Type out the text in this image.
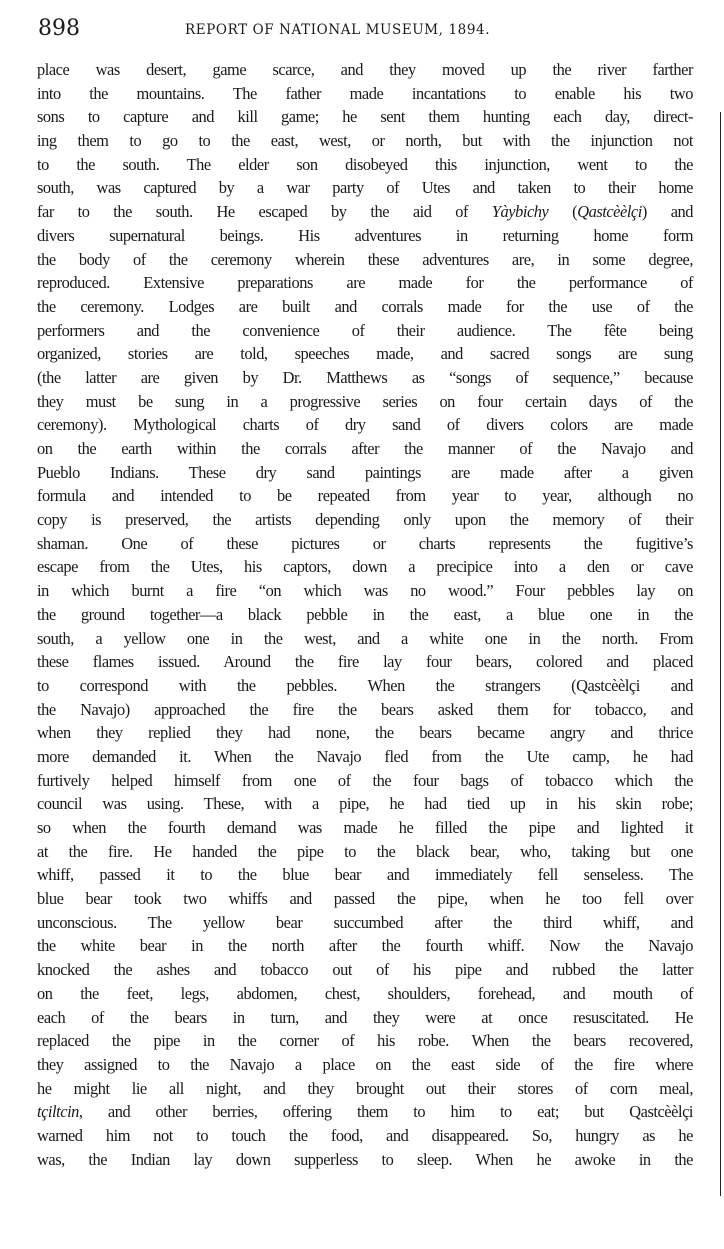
898	REPORT OF NATIONAL MUSEUM, 1894.
place was desert, game scarce, and they moved up the river farther
into the mountains. The father made incantations to enable his two
sons to capture and kill game; he sent them hunting each day, direct-
ing them to go to the east, west, or north, but with the injunction not
to the south. The elder son disobeyed this injunction, went to the
south, was captured by a war party of Utes and taken to their home
far to the south. He escaped by the aid of Yàybichy (Qastcèèlçi) and
divers supernatural beings. His adventures in returning home form
the body of the ceremony wherein these adventures are, in some degree,
reproduced. Extensive preparations are made for the performance of
the ceremony. Lodges are built and corrals made for the use of the
performers and the convenience of their audience. The fête being
organized, stories are told, speeches made, and sacred songs are sung
(the latter are given by Dr. Matthews as “songs of sequence,” because
they must be sung in a progressive series on four certain days of the
ceremony). Mythological charts of dry sand of divers colors are made
on the earth within the corrals after the manner of the Navajo and
Pueblo Indians. These dry sand paintings are made after a given
formula and intended to be repeated from year to year, although no
copy is preserved, the artists depending only upon the memory of their
shaman. One of these pictures or charts represents the fugitive’s
escape from the Utes, his captors, down a precipice into a den or cave
in which burnt a fire “on which was no wood.” Four pebbles lay on
the ground together—a black pebble in the east, a blue one in the
south, a yellow one in the west, and a white one in the north. From
these flames issued. Around the fire lay four bears, colored and placed
to correspond with the pebbles. When the strangers (Qastcèèlçi and
the Navajo) approached the fire the bears asked them for tobacco, and
when they replied they had none, the bears became angry and thrice
more demanded it. When the Navajo fled from the Ute camp, he had
furtively helped himself from one of the four bags of tobacco which the
council was using. These, with a pipe, he had tied up in his skin robe;
so when the fourth demand was made he filled the pipe and lighted it
at the fire. He handed the pipe to the black bear, who, taking but one
whiff, passed it to the blue bear and immediately fell senseless. The
blue bear took two whiffs and passed the pipe, when he too fell over
unconscious. The yellow bear succumbed after the third whiff, and
the white bear in the north after the fourth whiff. Now the Navajo
knocked the ashes and tobacco out of his pipe and rubbed the latter
on the feet, legs, abdomen, chest, shoulders, forehead, and mouth of
each of the bears in turn, and they were at once resuscitated. He
replaced the pipe in the corner of his robe. When the bears recovered,
they assigned to the Navajo a place on the east side of the fire where
he might lie all night, and they brought out their stores of corn meal,
tçiltcin, and other berries, offering them to him to eat; but Qastcèèlçi
warned him not to touch the food, and disappeared. So, hungry as he
was, the Indian lay down supperless to sleep. When he awoke in the
